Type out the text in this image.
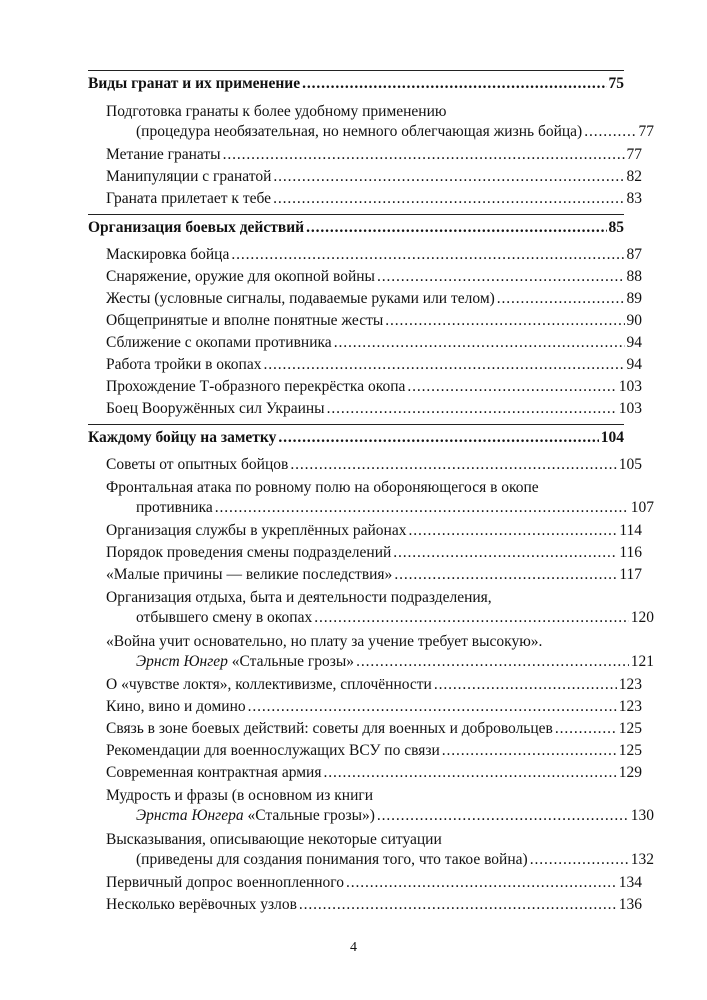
Виды гранат и их применение . . .	75
Подготовка гранаты к более удобному применению
(процедура необязательная, но немного облегчающая жизнь бойца) . . .	77
Метание гранаты . . .	77
Манипуляции с гранатой . . .	82
Граната прилетает к тебе . . .	83
Организация боевых действий . . .	85
Маскировка бойца . . .	87
Снаряжение, оружие для окопной войны . . .	88
Жесты (условные сигналы, подаваемые руками или телом) . . .	89
Общепринятые и вполне понятные жесты . . .	90
Сближение с окопами противника . . .	94
Работа тройки в окопах . . .	94
Прохождение Т-образного перекрёстка окопа . . .	103
Боец Вооружённых сил Украины . . .	103
Каждому бойцу на заметку . . .	104
Советы от опытных бойцов . . .	105
Фронтальная атака по ровному полю на обороняющегося в окопе
противника . . .	107
Организация службы в укреплённых районах . . .	114
Порядок проведения смены подразделений . . .	116
«Малые причины — великие последствия» . . .	117
Организация отдыха, быта и деятельности подразделения,
отбывшего смену в окопах . . .	120
«Война учит основательно, но плату за учение требует высокую».
Эрнст Юнгер «Стальные грозы» . . .	121
О «чувстве локтя», коллективизме, сплочённости . . .	123
Кино, вино и домино . . .	123
Связь в зоне боевых действий: советы для военных и добровольцев . . .	125
Рекомендации для военнослужащих ВСУ по связи . . .	125
Современная контрактная армия . . .	129
Мудрость и фразы (в основном из книги
Эрнста Юнгера «Стальные грозы») . . .	130
Высказывания, описывающие некоторые ситуации
(приведены для создания понимания того, что такое война) . . .	132
Первичный допрос военнопленного . . .	134
Несколько верёвочных узлов . . .	136
4
